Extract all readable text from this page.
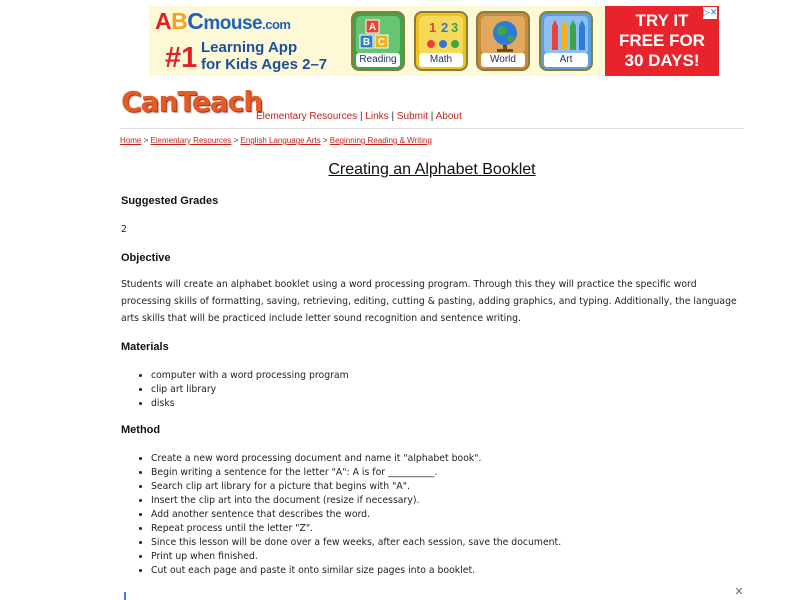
ABCmouse.com
#1 Learning App
for Kids Ages 2–7
A
B C
Reading
1 2 3
Math	World	Art
TRY IT FREE FOR 30 DAYS!
▷✕
CanTeach
Elementary Resources | Links | Submit | About
Home > Elementary Resources > English Language Arts > Beginning Reading & Writing
Creating an Alphabet Booklet
Suggested Grades

2

Objective

Students will create an alphabet booklet using a word processing program. Through this they will practice the specific word processing skills of formatting, saving, retrieving, editing, cutting & pasting, adding graphics, and typing. Additionally, the language arts skills that will be practiced include letter sound recognition and sentence writing.

Materials
• computer with a word processing program
• clip art library
• disks
Method
• Create a new word processing document and name it "alphabet book".
• Begin writing a sentence for the letter "A": A is for __________.
• Search clip art library for a picture that begins with "A".
• Insert the clip art into the document (resize if necessary).
• Add another sentence that describes the word.
• Repeat process until the letter "Z".
• Since this lesson will be done over a few weeks, after each session, save the document.
• Print up when finished.
• Cut out each page and paste it onto similar size pages into a booklet.
✕
